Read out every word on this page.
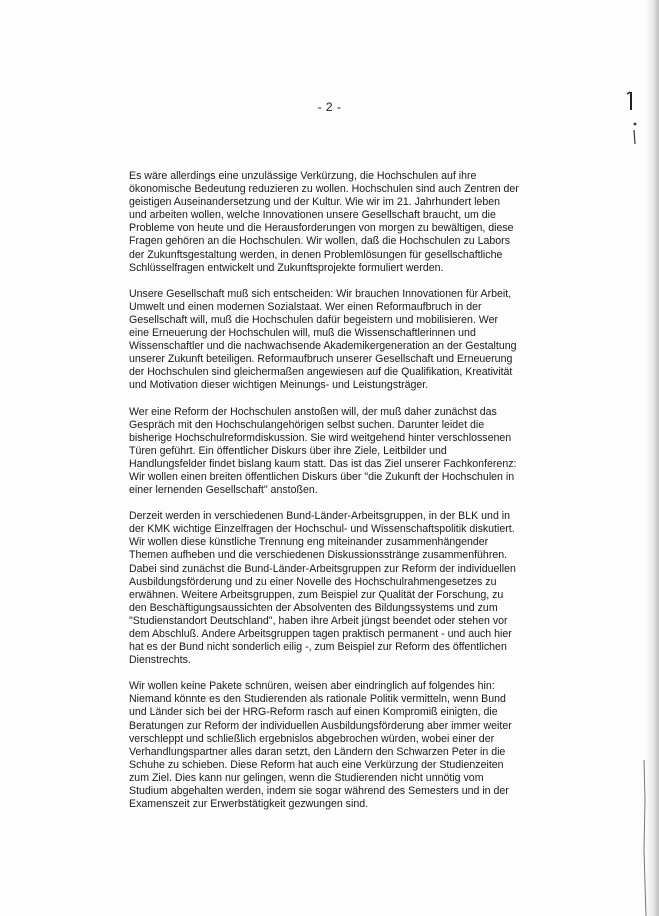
- 2 -

Es wäre allerdings eine unzulässige Verkürzung, die Hochschulen auf ihre
ökonomische Bedeutung reduzieren zu wollen. Hochschulen sind auch Zentren der
geistigen Auseinandersetzung und der Kultur. Wie wir im 21. Jahrhundert leben
und arbeiten wollen, welche Innovationen unsere Gesellschaft braucht, um die
Probleme von heute und die Herausforderungen von morgen zu bewältigen, diese
Fragen gehören an die Hochschulen. Wir wollen, daß die Hochschulen zu Labors
der Zukunftsgestaltung werden, in denen Problemlösungen für gesellschaftliche
Schlüsselfragen entwickelt und Zukunftsprojekte formuliert werden.

Unsere Gesellschaft muß sich entscheiden: Wir brauchen Innovationen für Arbeit,
Umwelt und einen modernen Sozialstaat. Wer einen Reformaufbruch in der
Gesellschaft will, muß die Hochschulen dafür begeistern und mobilisieren. Wer
eine Erneuerung der Hochschulen will, muß die Wissenschaftlerinnen und
Wissenschaftler und die nachwachsende Akademikergeneration an der Gestaltung
unserer Zukunft beteiligen. Reformaufbruch unserer Gesellschaft und Erneuerung
der Hochschulen sind gleichermaßen angewiesen auf die Qualifikation, Kreativität
und Motivation dieser wichtigen Meinungs- und Leistungsträger.

Wer eine Reform der Hochschulen anstoßen will, der muß daher zunächst das
Gespräch mit den Hochschulangehörigen selbst suchen. Darunter leidet die
bisherige Hochschulreformdiskussion. Sie wird weitgehend hinter verschlossenen
Türen geführt. Ein öffentlicher Diskurs über ihre Ziele, Leitbilder und
Handlungsfelder findet bislang kaum statt. Das ist das Ziel unserer Fachkonferenz:
Wir wollen einen breiten öffentlichen Diskurs über "die Zukunft der Hochschulen in
einer lernenden Gesellschaft" anstoßen.

Derzeit werden in verschiedenen Bund-Länder-Arbeitsgruppen, in der BLK und in
der KMK wichtige Einzelfragen der Hochschul- und Wissenschaftspolitik diskutiert.
Wir wollen diese künstliche Trennung eng miteinander zusammenhängender
Themen aufheben und die verschiedenen Diskussionsstränge zusammenführen.
Dabei sind zunächst die Bund-Länder-Arbeitsgruppen zur Reform der individuellen
Ausbildungsförderung und zu einer Novelle des Hochschulrahmengesetzes zu
erwähnen. Weitere Arbeitsgruppen, zum Beispiel zur Qualität der Forschung, zu
den Beschäftigungsaussichten der Absolventen des Bildungssystems und zum
"Studienstandort Deutschland", haben ihre Arbeit jüngst beendet oder stehen vor
dem Abschluß. Andere Arbeitsgruppen tagen praktisch permanent - und auch hier
hat es der Bund nicht sonderlich eilig -, zum Beispiel zur Reform des öffentlichen
Dienstrechts.

Wir wollen keine Pakete schnüren, weisen aber eindringlich auf folgendes hin:
Niemand könnte es den Studierenden als rationale Politik vermitteln, wenn Bund
und Länder sich bei der HRG-Reform rasch auf einen Kompromiß einigten, die
Beratungen zur Reform der individuellen Ausbildungsförderung aber immer weiter
verschleppt und schließlich ergebnislos abgebrochen würden, wobei einer der
Verhandlungspartner alles daran setzt, den Ländern den Schwarzen Peter in die
Schuhe zu schieben. Diese Reform hat auch eine Verkürzung der Studienzeiten
zum Ziel. Dies kann nur gelingen, wenn die Studierenden nicht unnötig vom
Studium abgehalten werden, indem sie sogar während des Semesters und in der
Examenszeit zur Erwerbstätigkeit gezwungen sind.
